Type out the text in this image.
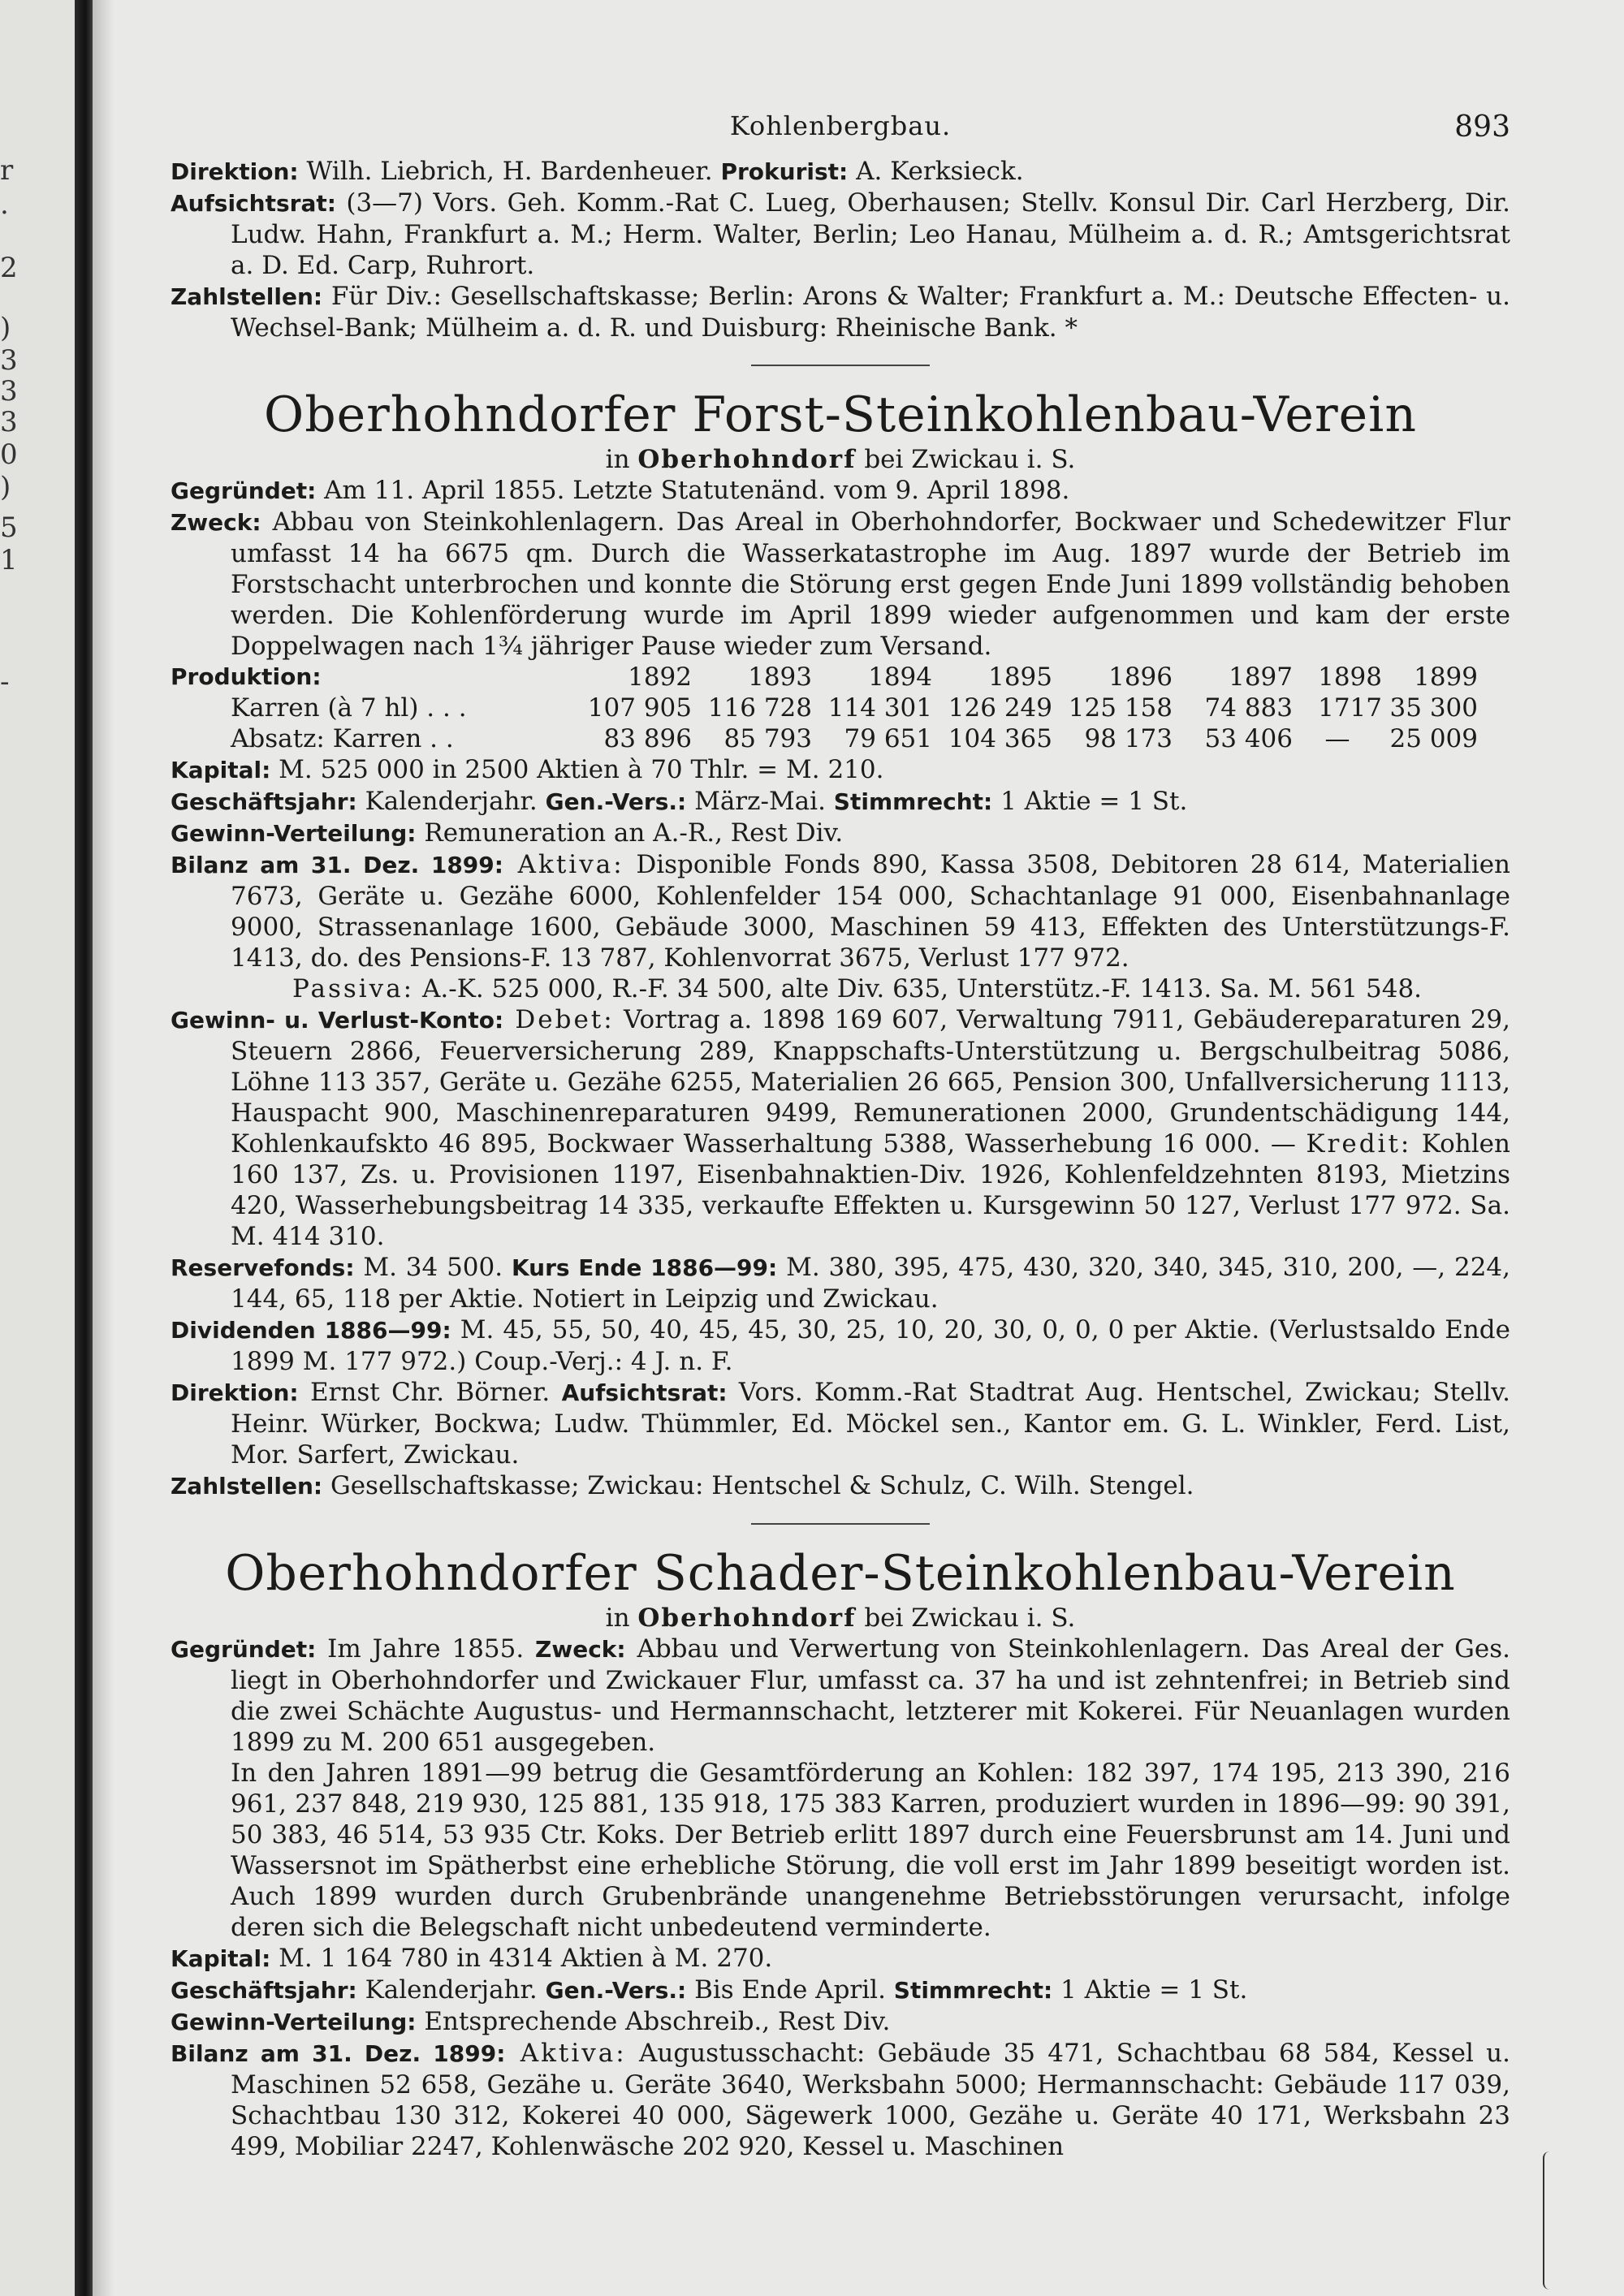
r
.
2
)
3
3
3
0
)
5
1
-
Kohlenbergbau.	893

Direktion: Wilh. Liebrich, H. Bardenheuer. Prokurist: A. Kerksieck.

Aufsichtsrat: (3—7) Vors. Geh. Komm.-Rat C. Lueg, Oberhausen; Stellv. Konsul Dir. Carl Herzberg, Dir. Ludw. Hahn, Frankfurt a. M.; Herm. Walter, Berlin; Leo Hanau, Mülheim a. d. R.; Amtsgerichtsrat a. D. Ed. Carp, Ruhrort.

Zahlstellen: Für Div.: Gesellschaftskasse; Berlin: Arons & Walter; Frankfurt a. M.: Deutsche Effecten- u. Wechsel-Bank; Mülheim a. d. R. und Duisburg: Rheinische Bank. *

Oberhohndorfer Forst-Steinkohlenbau-Verein
in Oberhohndorf bei Zwickau i. S.

Gegründet: Am 11. April 1855. Letzte Statutenänd. vom 9. April 1898.

Zweck: Abbau von Steinkohlenlagern. Das Areal in Oberhohndorfer, Bockwaer und Schedewitzer Flur umfasst 14 ha 6675 qm. Durch die Wasserkatastrophe im Aug. 1897 wurde der Betrieb im Forstschacht unterbrochen und konnte die Störung erst gegen Ende Juni 1899 vollständig behoben werden. Die Kohlenförderung wurde im April 1899 wieder aufgenommen und kam der erste Doppelwagen nach 1¾ jähriger Pause wieder zum Versand.

Produktion:	1892	1893	1894	1895	1896	1897	1898	1899
Karren (à 7 hl) . . .	107 905	116 728	114 301	126 249	125 158	74 883	1717	35 300
Absatz: Karren . .	83 896	85 793	79 651	104 365	98 173	53 406	—	25 009

Kapital: M. 525 000 in 2500 Aktien à 70 Thlr. = M. 210.

Geschäftsjahr: Kalenderjahr. Gen.-Vers.: März-Mai. Stimmrecht: 1 Aktie = 1 St.

Gewinn-Verteilung: Remuneration an A.-R., Rest Div.

Bilanz am 31. Dez. 1899: Aktiva: Disponible Fonds 890, Kassa 3508, Debitoren 28 614, Materialien 7673, Geräte u. Gezähe 6000, Kohlenfelder 154 000, Schachtanlage 91 000, Eisenbahnanlage 9000, Strassenanlage 1600, Gebäude 3000, Maschinen 59 413, Effekten des Unterstützungs-F. 1413, do. des Pensions-F. 13 787, Kohlenvorrat 3675, Verlust 177 972.

Passiva: A.-K. 525 000, R.-F. 34 500, alte Div. 635, Unterstütz.-F. 1413. Sa. M. 561 548.

Gewinn- u. Verlust-Konto: Debet: Vortrag a. 1898 169 607, Verwaltung 7911, Gebäudereparaturen 29, Steuern 2866, Feuerversicherung 289, Knappschafts-Unterstützung u. Bergschulbeitrag 5086, Löhne 113 357, Geräte u. Gezähe 6255, Materialien 26 665, Pension 300, Unfallversicherung 1113, Hauspacht 900, Maschinenreparaturen 9499, Remunerationen 2000, Grundentschädigung 144, Kohlenkaufskto 46 895, Bockwaer Wasserhaltung 5388, Wasserhebung 16 000. — Kredit: Kohlen 160 137, Zs. u. Provisionen 1197, Eisenbahnaktien-Div. 1926, Kohlenfeldzehnten 8193, Mietzins 420, Wasserhebungsbeitrag 14 335, verkaufte Effekten u. Kursgewinn 50 127, Verlust 177 972. Sa. M. 414 310.

Reservefonds: M. 34 500. Kurs Ende 1886—99: M. 380, 395, 475, 430, 320, 340, 345, 310, 200, —, 224, 144, 65, 118 per Aktie. Notiert in Leipzig und Zwickau.

Dividenden 1886—99: M. 45, 55, 50, 40, 45, 45, 30, 25, 10, 20, 30, 0, 0, 0 per Aktie. (Verlustsaldo Ende 1899 M. 177 972.) Coup.-Verj.: 4 J. n. F.

Direktion: Ernst Chr. Börner. Aufsichtsrat: Vors. Komm.-Rat Stadtrat Aug. Hentschel, Zwickau; Stellv. Heinr. Würker, Bockwa; Ludw. Thümmler, Ed. Möckel sen., Kantor em. G. L. Winkler, Ferd. List, Mor. Sarfert, Zwickau.

Zahlstellen: Gesellschaftskasse; Zwickau: Hentschel & Schulz, C. Wilh. Stengel.

Oberhohndorfer Schader-Steinkohlenbau-Verein
in Oberhohndorf bei Zwickau i. S.

Gegründet: Im Jahre 1855. Zweck: Abbau und Verwertung von Steinkohlenlagern. Das Areal der Ges. liegt in Oberhohndorfer und Zwickauer Flur, umfasst ca. 37 ha und ist zehntenfrei; in Betrieb sind die zwei Schächte Augustus- und Hermannschacht, letzterer mit Kokerei. Für Neuanlagen wurden 1899 zu M. 200 651 ausgegeben.

In den Jahren 1891—99 betrug die Gesamtförderung an Kohlen: 182 397, 174 195, 213 390, 216 961, 237 848, 219 930, 125 881, 135 918, 175 383 Karren, produziert wurden in 1896—99: 90 391, 50 383, 46 514, 53 935 Ctr. Koks. Der Betrieb erlitt 1897 durch eine Feuersbrunst am 14. Juni und Wassersnot im Spätherbst eine erhebliche Störung, die voll erst im Jahr 1899 beseitigt worden ist. Auch 1899 wurden durch Grubenbrände unangenehme Betriebsstörungen verursacht, infolge deren sich die Belegschaft nicht unbedeutend verminderte.

Kapital: M. 1 164 780 in 4314 Aktien à M. 270.

Geschäftsjahr: Kalenderjahr. Gen.-Vers.: Bis Ende April. Stimmrecht: 1 Aktie = 1 St.

Gewinn-Verteilung: Entsprechende Abschreib., Rest Div.

Bilanz am 31. Dez. 1899: Aktiva: Augustusschacht: Gebäude 35 471, Schachtbau 68 584, Kessel u. Maschinen 52 658, Gezähe u. Geräte 3640, Werksbahn 5000; Hermannschacht: Gebäude 117 039, Schachtbau 130 312, Kokerei 40 000, Sägewerk 1000, Gezähe u. Geräte 40 171, Werksbahn 23 499, Mobiliar 2247, Kohlenwäsche 202 920, Kessel u. Maschinen
